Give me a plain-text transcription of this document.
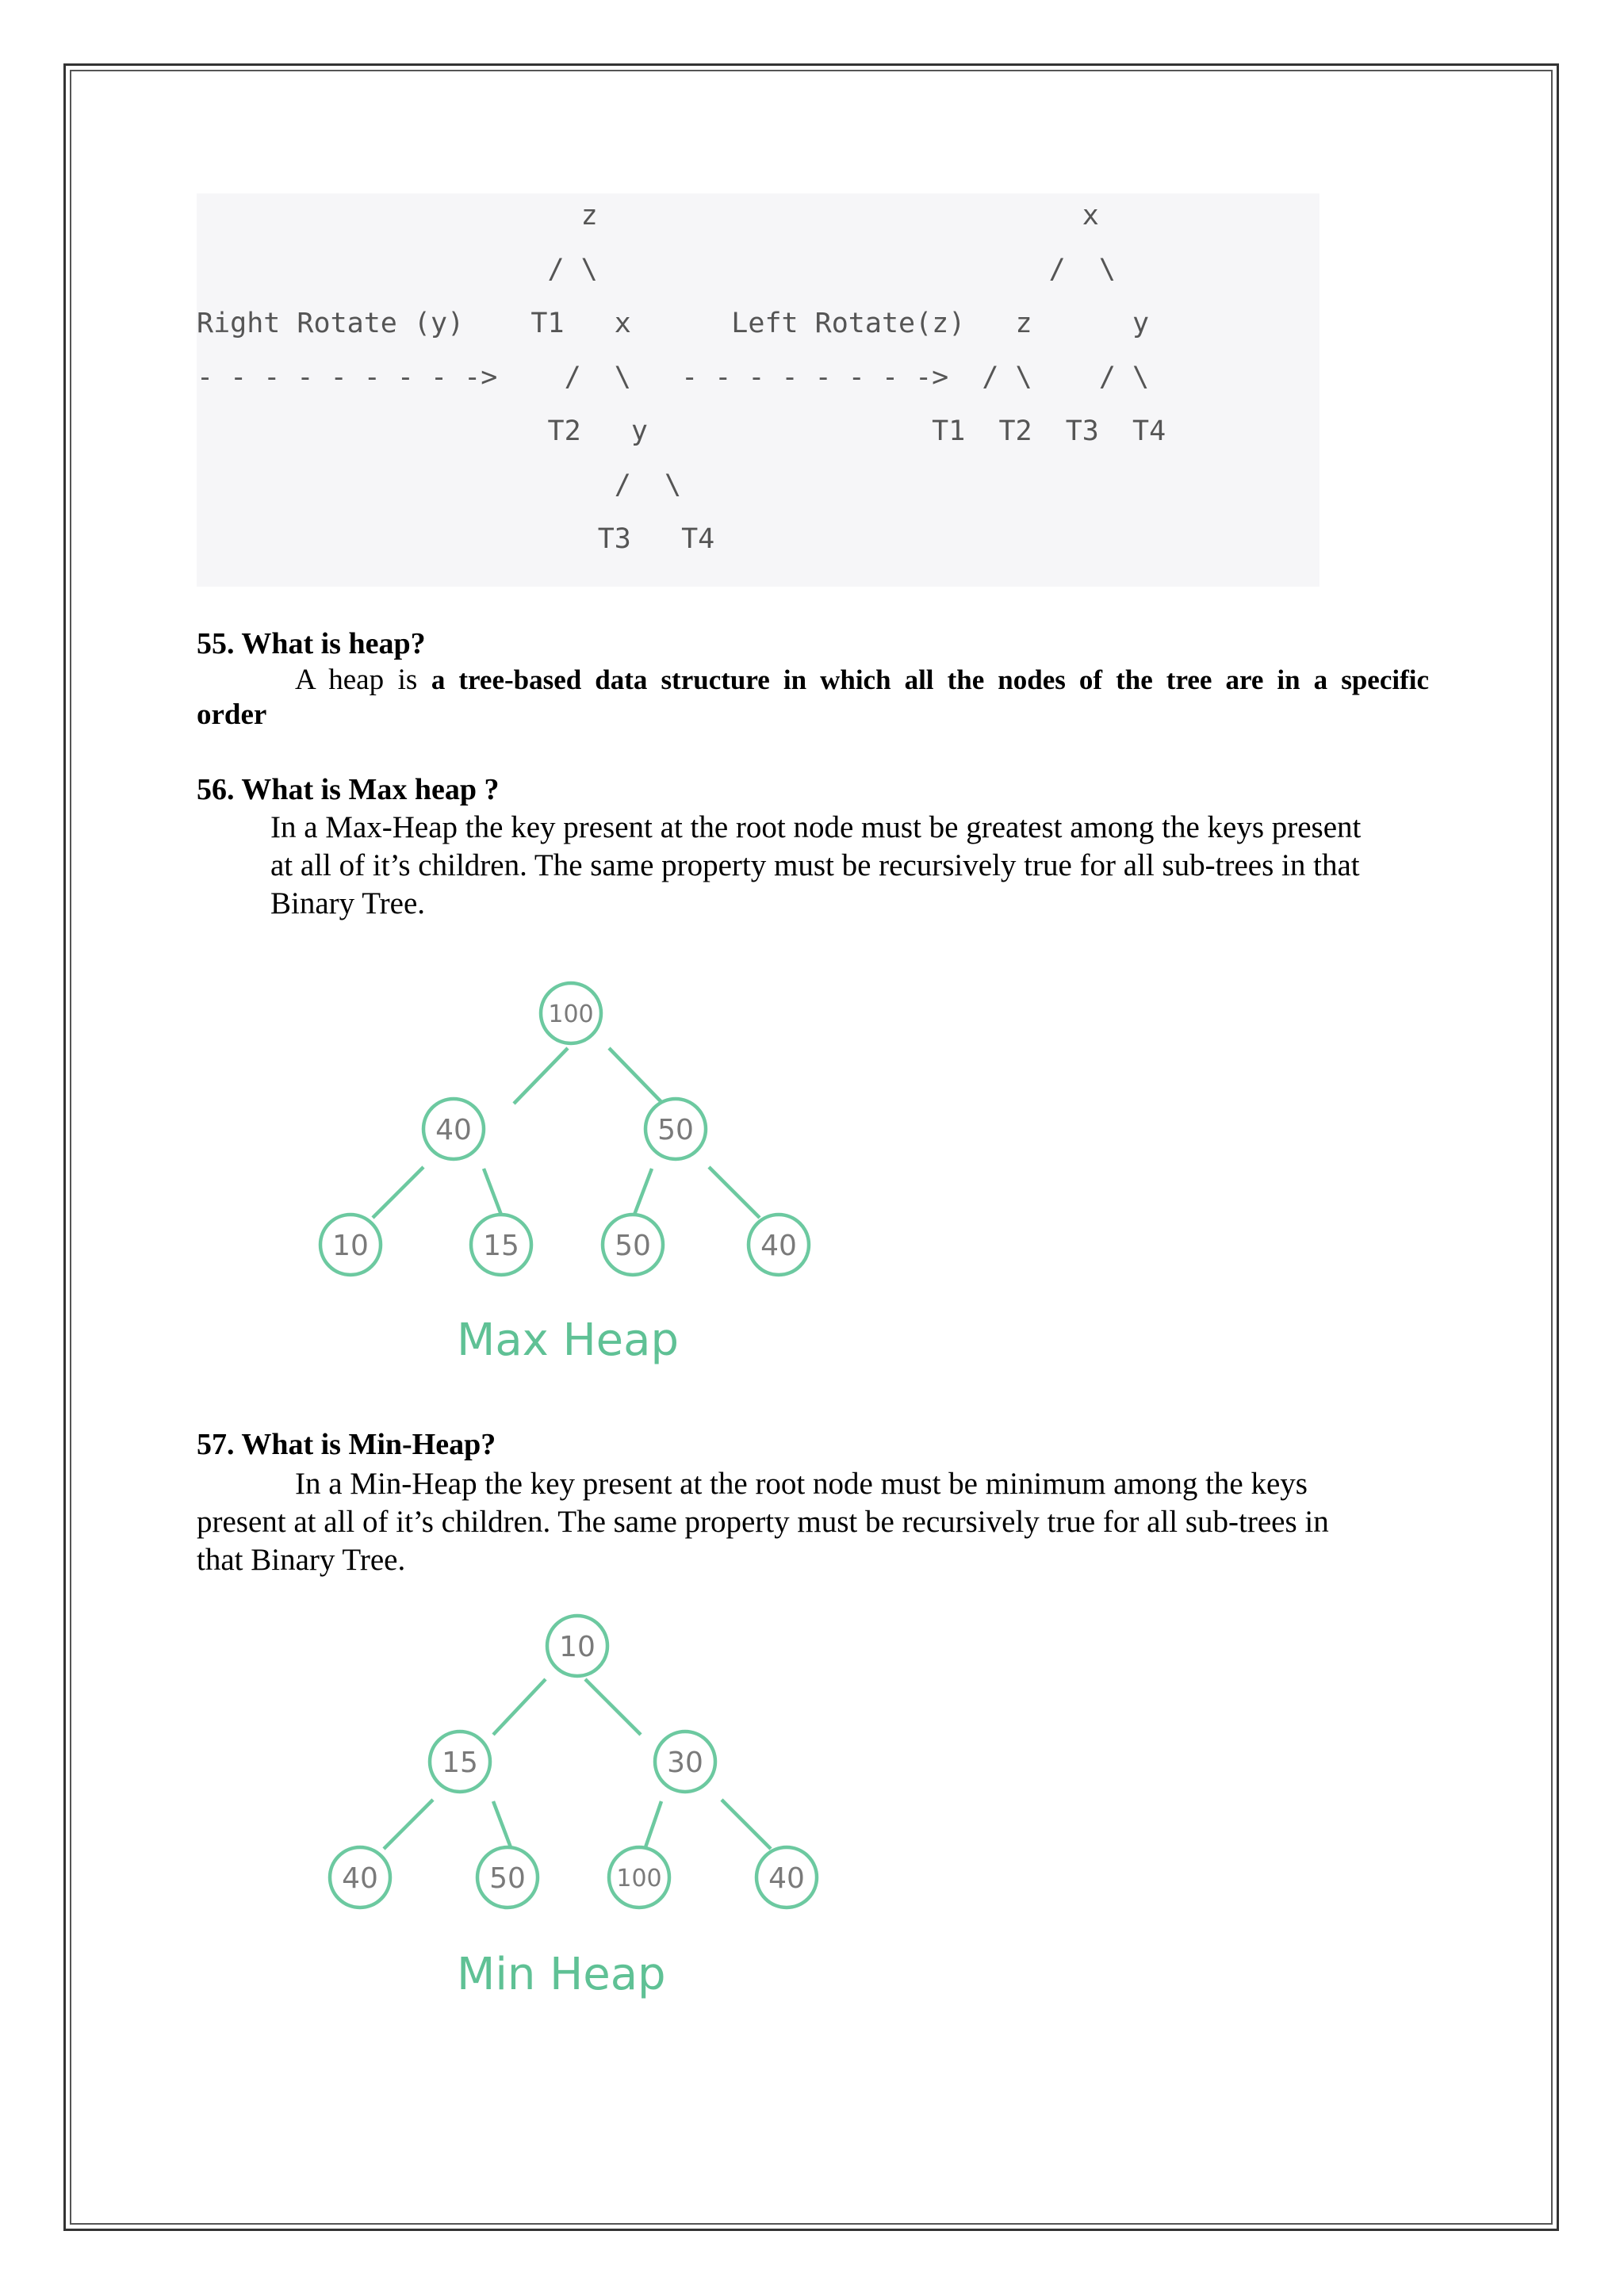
z                             x
/ \                           /  \
Right Rotate (y)    T1   x      Left Rotate(z)   z      y
- - - - - - - - ->    /  \   - - - - - - - ->  / \    / \
T2   y                 T1  T2  T3  T4
/  \
T3   T4
55. What is heap?
A heap is a tree-based data structure in which all the nodes of the tree are in a specific
order
56. What is Max heap ?
In a Max-Heap the key present at the root node must be greatest among the keys present
at all of it’s children. The same property must be recursively true for all sub-trees in that
Binary Tree.
100
40	50
10	15	50	40
Max Heap
57. What is Min-Heap?
In a Min-Heap the key present at the root node must be minimum among the keys
present at all of it’s children. The same property must be recursively true for all sub-trees in
that Binary Tree.
10
15	30
40	50	100	40
Min Heap
